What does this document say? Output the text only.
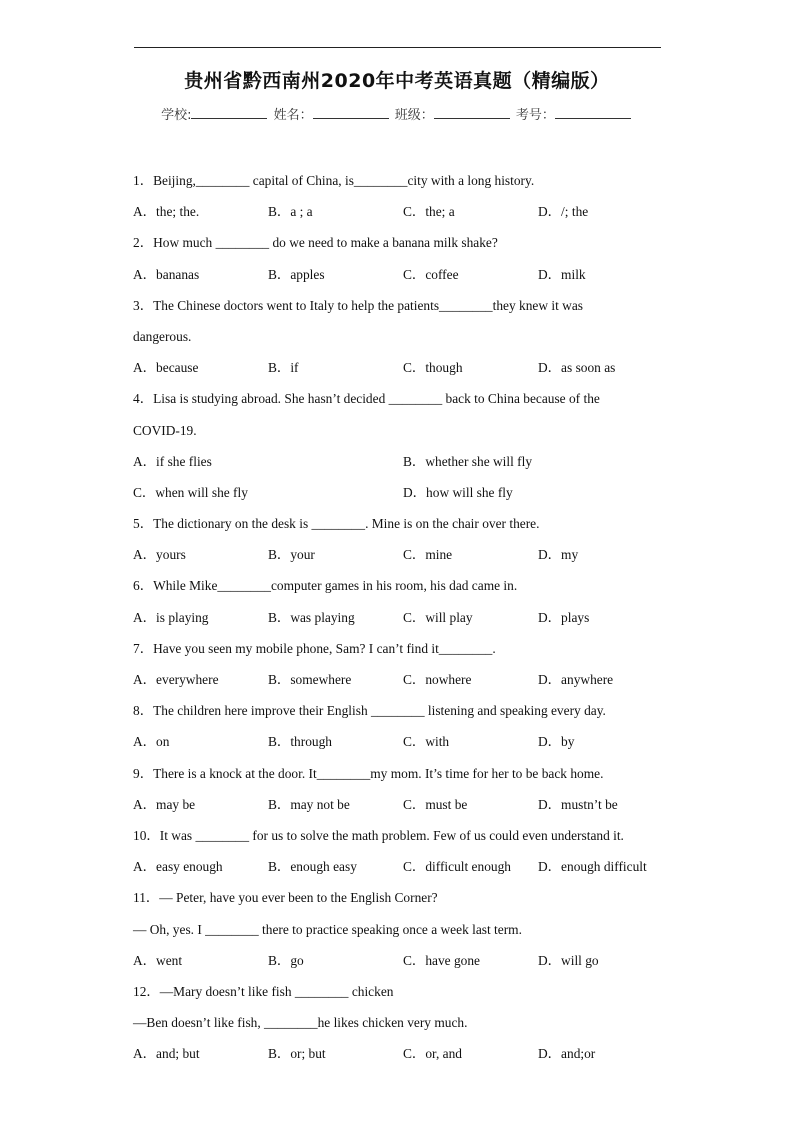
贵州省黔西南州2020年中考英语真题（精编版）
学校:	姓名：	班级：	考号：
1．Beijing,________ capital of China, is________city with a long history.
A．the; the.	B．a ; a	C．the; a	D．/; the
2．How much ________ do we need to make a banana milk shake?
A．bananas	B．apples	C．coffee	D．milk
3．The Chinese doctors went to Italy to help the patients________they knew it was
dangerous.
A．because	B．if	C．though	D．as soon as
4．Lisa is studying abroad. She hasn’t decided ________ back to China because of the
COVID-19.
A．if she flies	B．whether she will fly
C．when will she fly	D．how will she fly
5．The dictionary on the desk is ________. Mine is on the chair over there.
A．yours	B．your	C．mine	D．my
6．While Mike________computer games in his room, his dad came in.
A．is playing	B．was playing	C．will play	D．plays
7．Have you seen my mobile phone, Sam? I can’t find it________.
A．everywhere	B．somewhere	C．nowhere	D．anywhere
8．The children here improve their English ________ listening and speaking every day.
A．on	B．through	C．with	D．by
9．There is a knock at the door. It________my mom. It’s time for her to be back home.
A．may be	B．may not be	C．must be	D．mustn’t be
10．It was ________ for us to solve the math problem. Few of us could even understand it.
A．easy enough	B．enough easy	C．difficult enough	D．enough difficult
11．— Peter, have you ever been to the English Corner?
— Oh, yes. I ________ there to practice speaking once a week last term.
A．went	B．go	C．have gone	D．will go
12．—Mary doesn’t like fish ________ chicken
—Ben doesn’t like fish, ________he likes chicken very much.
A．and; but	B．or; but	C．or, and	D．and;or
